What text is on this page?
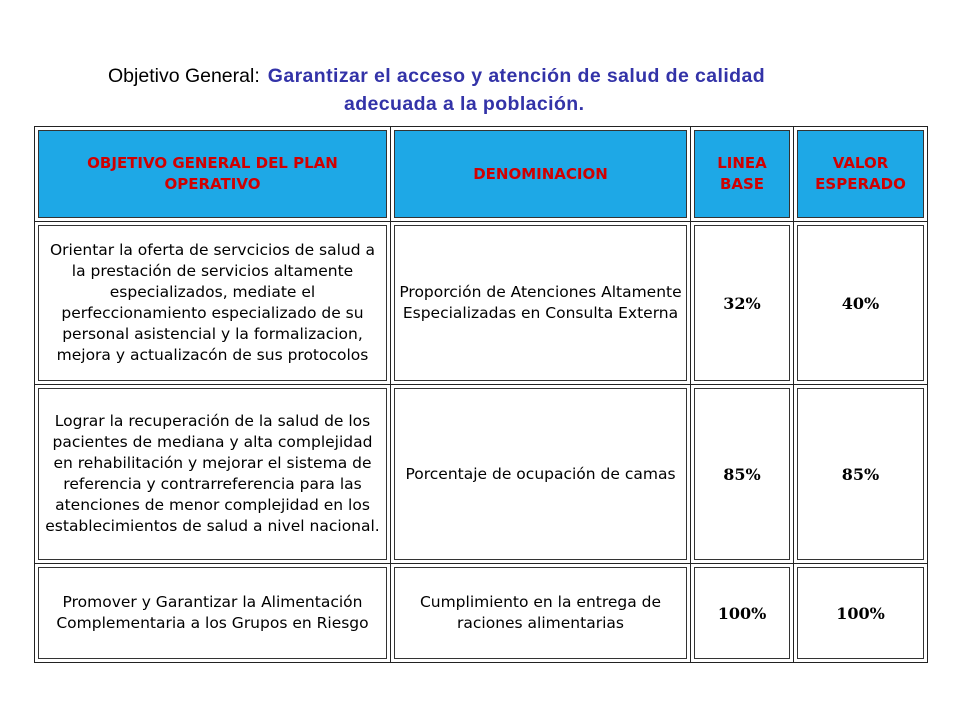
Objetivo General: Garantizar el acceso y atención de salud de calidad
adecuada a la población.
OBJETIVO GENERAL DEL PLAN OPERATIVO	DENOMINACION	LINEA BASE	VALOR ESPERADO

Orientar la oferta de servcicios de salud a la prestación de servicios altamente especializados, mediate el perfeccionamiento especializado de su personal asistencial y la formalizacion, mejora y actualizacón de sus protocolos	Proporción de Atenciones Altamente Especializadas en Consulta Externa	32%	40%

Lograr la recuperación de la salud de los pacientes de mediana y alta complejidad en rehabilitación y mejorar el sistema de referencia y contrarreferencia para las atenciones de menor complejidad en los establecimientos de salud a nivel nacional.	Porcentaje de ocupación de camas	85%	85%

Promover y Garantizar la Alimentación Complementaria a los Grupos en Riesgo	Cumplimiento en la entrega de raciones alimentarias	100%	100%
